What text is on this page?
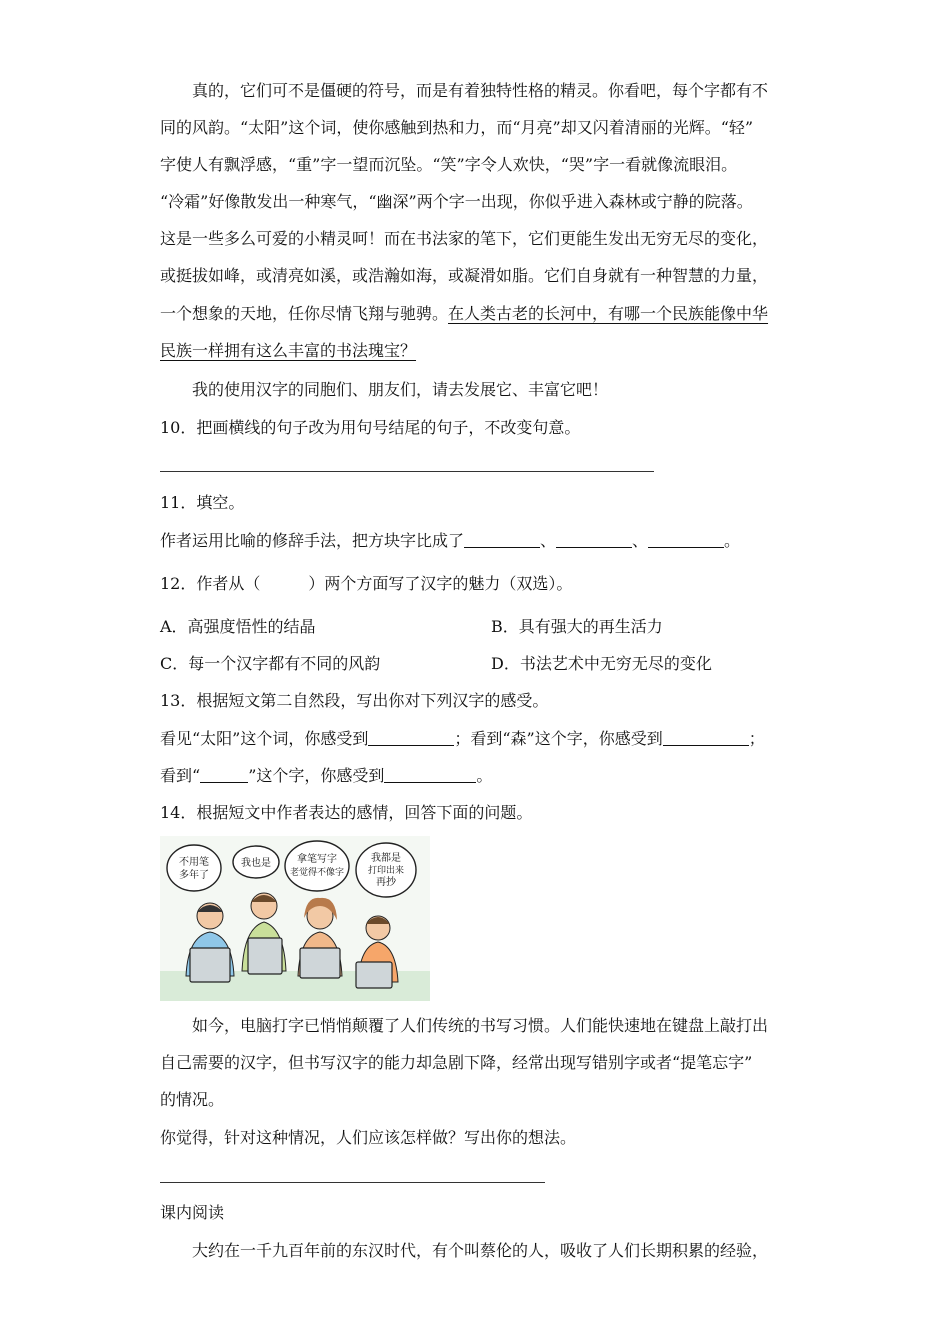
真的，它们可不是僵硬的符号，而是有着独特性格的精灵。你看吧，每个字都有不
同的风韵。“太阳”这个词，使你感触到热和力，而“月亮”却又闪着清丽的光辉。“轻”
字使人有飘浮感，“重”字一望而沉坠。“笑”字令人欢快，“哭”字一看就像流眼泪。
“冷霜”好像散发出一种寒气，“幽深”两个字一出现，你似乎进入森林或宁静的院落。
这是一些多么可爱的小精灵呵！而在书法家的笔下，它们更能生发出无穷无尽的变化，
或挺拔如峰，或清亮如溪，或浩瀚如海，或凝滑如脂。它们自身就有一种智慧的力量，
一个想象的天地，任你尽情飞翔与驰骋。在人类古老的长河中，有哪一个民族能像中华
民族一样拥有这么丰富的书法瑰宝？
我的使用汉字的同胞们、朋友们，请去发展它、丰富它吧！
10．把画横线的句子改为用句号结尾的句子，不改变句意。
11．填空。
作者运用比喻的修辞手法，把方块字比成了	、	、	。
12．作者从（　　　）两个方面写了汉字的魅力（双选）。
A．高强度悟性的结晶	B．具有强大的再生活力
C．每一个汉字都有不同的风韵	D．书法艺术中无穷无尽的变化
13．根据短文第二自然段，写出你对下列汉字的感受。
看见“太阳”这个词，你感受到	；看到“森”这个字，你感受到	；
看到“	”这个字，你感受到	。
14．根据短文中作者表达的感情，回答下面的问题。
不用笔
多年了
我也是	拿笔写字
老觉得不像字
我都是
打印出来
再抄
如今，电脑打字已悄悄颠覆了人们传统的书写习惯。人们能快速地在键盘上敲打出
自己需要的汉字，但书写汉字的能力却急剧下降，经常出现写错别字或者“提笔忘字”
的情况。
你觉得，针对这种情况，人们应该怎样做？写出你的想法。
课内阅读
大约在一千九百年前的东汉时代，有个叫蔡伦的人，吸收了人们长期积累的经验，
